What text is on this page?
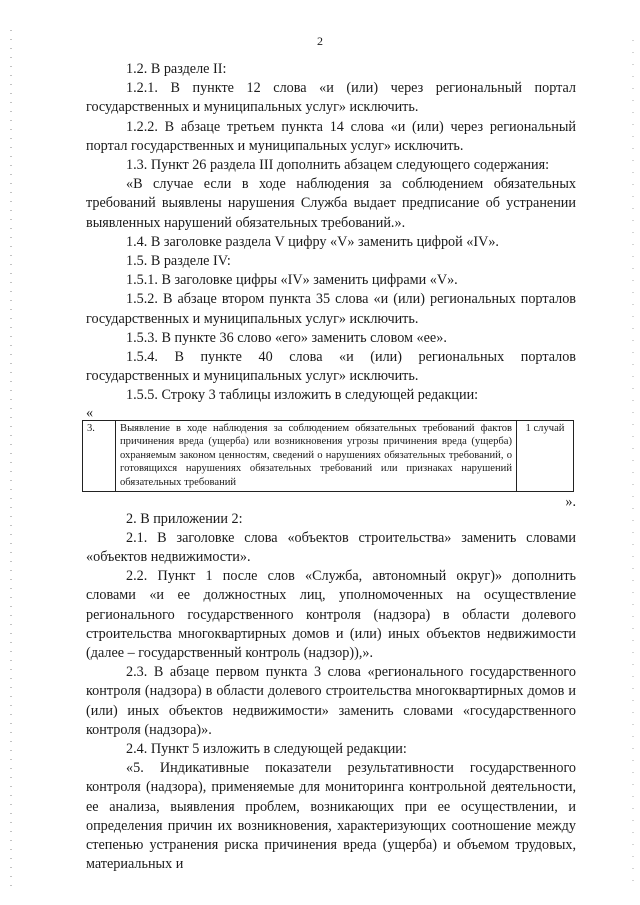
2

1.2. В разделе II:

1.2.1. В пункте 12 слова «и (или) через региональный портал государственных и муниципальных услуг» исключить.

1.2.2. В абзаце третьем пункта 14 слова «и (или) через региональный портал государственных и муниципальных услуг» исключить.

1.3. Пункт 26 раздела III дополнить абзацем следующего содержания:

«В случае если в ходе наблюдения за соблюдением обязательных требований выявлены нарушения Служба выдает предписание об устранении выявленных нарушений обязательных требований.».

1.4. В заголовке раздела V цифру «V» заменить цифрой «IV».

1.5. В разделе IV:

1.5.1. В заголовке цифры «IV» заменить цифрами «V».

1.5.2. В абзаце втором пункта 35 слова «и (или) региональных порталов государственных и муниципальных услуг» исключить.

1.5.3. В пункте 36 слово «его» заменить словом «ее».

1.5.4. В пункте 40 слова «и (или) региональных порталов государственных и муниципальных услуг» исключить.

1.5.5. Строку 3 таблицы изложить в следующей редакции:

«

3.	Выявление в ходе наблюдения за соблюдением обязательных требований фактов причинения вреда (ущерба) или возникновения угрозы причинения вреда (ущерба) охраняемым законом ценностям, сведений о нарушениях обязательных требований, о готовящихся нарушениях обязательных требований или признаках нарушений обязательных требований	1 случай

».

2. В приложении 2:

2.1. В заголовке слова «объектов строительства» заменить словами «объектов недвижимости».

2.2. Пункт 1 после слов «Служба, автономный округ)» дополнить словами «и ее должностных лиц, уполномоченных на осуществление регионального государственного контроля (надзора) в области долевого строительства многоквартирных домов и (или) иных объектов недвижимости (далее – государственный контроль (надзор)),».

2.3. В абзаце первом пункта 3 слова «регионального государственного контроля (надзора) в области долевого строительства многоквартирных домов и (или) иных объектов недвижимости» заменить словами «государственного контроля (надзора)».

2.4. Пункт 5 изложить в следующей редакции:

«5. Индикативные показатели результативности государственного контроля (надзора), применяемые для мониторинга контрольной деятельности, ее анализа, выявления проблем, возникающих при ее осуществлении, и определения причин их возникновения, характеризующих соотношение между степенью устранения риска причинения вреда (ущерба) и объемом трудовых, материальных и
